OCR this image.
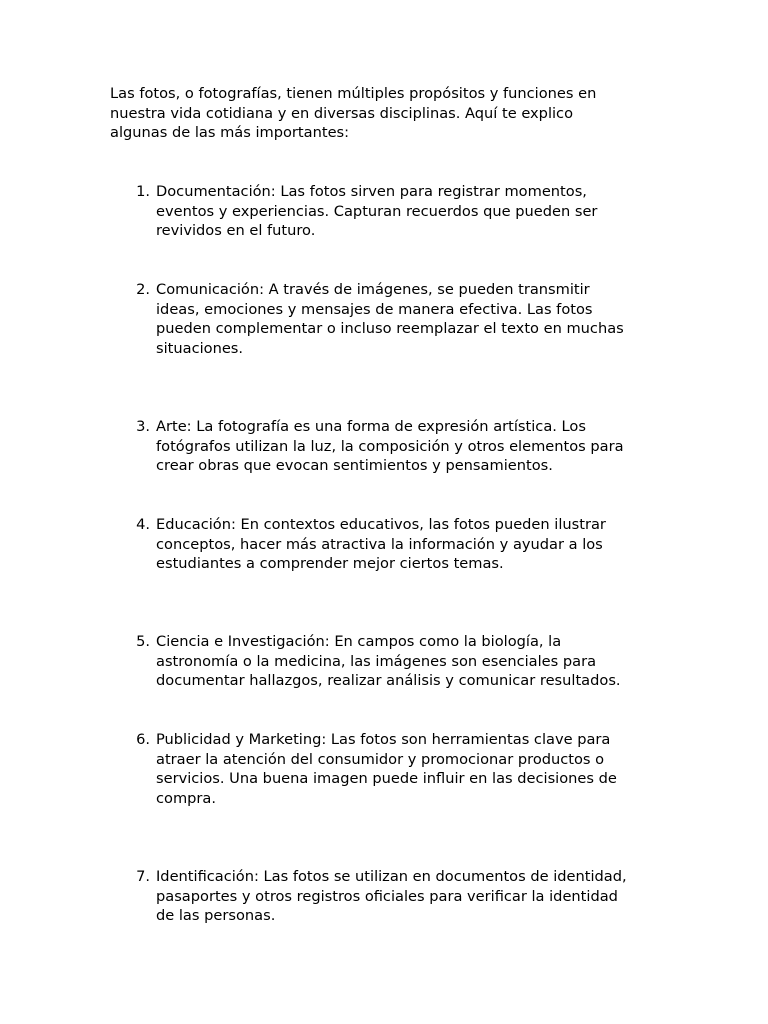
Las fotos, o fotografías, tienen múltiples propósitos y funciones en
nuestra vida cotidiana y en diversas disciplinas. Aquí te explico
algunas de las más importantes:

1. Documentación: Las fotos sirven para registrar momentos,
eventos y experiencias. Capturan recuerdos que pueden ser
revividos en el futuro.
2. Comunicación: A través de imágenes, se pueden transmitir
ideas, emociones y mensajes de manera efectiva. Las fotos
pueden complementar o incluso reemplazar el texto en muchas
situaciones.
3. Arte: La fotografía es una forma de expresión artística. Los
fotógrafos utilizan la luz, la composición y otros elementos para
crear obras que evocan sentimientos y pensamientos.
4. Educación: En contextos educativos, las fotos pueden ilustrar
conceptos, hacer más atractiva la información y ayudar a los
estudiantes a comprender mejor ciertos temas.
5. Ciencia e Investigación: En campos como la biología, la
astronomía o la medicina, las imágenes son esenciales para
documentar hallazgos, realizar análisis y comunicar resultados.
6. Publicidad y Marketing: Las fotos son herramientas clave para
atraer la atención del consumidor y promocionar productos o
servicios. Una buena imagen puede influir en las decisiones de
compra.
7. Identificación: Las fotos se utilizan en documentos de identidad,
pasaportes y otros registros oficiales para verificar la identidad
de las personas.
